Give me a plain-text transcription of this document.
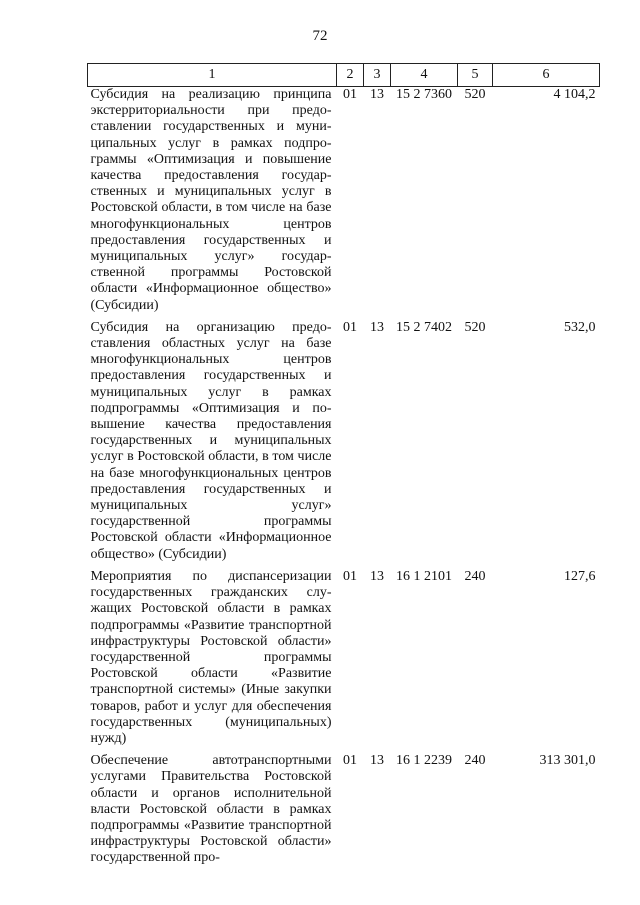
72
1	2	3	4	5	6
Субсидия на реализацию принципа экстерриториальности при предоставлении государственных и муниципальных услуг в рамках подпрограммы «Оптимизация и повышение качества предоставления государственных и муниципальных услуг в Ростовской области, в том числе на базе многофункциональных центров предоставления государственных и муниципальных услуг» государственной программы Ростовской области «Информационное общество» (Субсидии)	01	13	15 2 7360	520	4 104,2
Субсидия на организацию предоставления областных услуг на базе многофункциональных центров предоставления государственных и муниципальных услуг в рамках подпрограммы «Оптимизация и повышение качества предоставления государственных и муниципальных услуг в Ростовской области, в том числе на базе многофункциональных центров предоставления государственных и муниципальных услуг» государственной программы Ростовской области «Информационное общество» (Субсидии)	01	13	15 2 7402	520	532,0
Мероприятия по диспансеризации государственных гражданских служащих Ростовской области в рамках подпрограммы «Развитие транспортной инфраструктуры Ростовской области» государственной программы Ростовской области «Развитие транспортной системы» (Иные закупки товаров, работ и услуг для обеспечения государственных (муниципальных) нужд)	01	13	16 1 2101	240	127,6
Обеспечение автотранспортными услугами Правительства Ростовской области и органов исполнительной власти Ростовской области в рамках подпрограммы «Развитие транспортной инфраструктуры Ростовской области» государственной про-	01	13	16 1 2239	240	313 301,0
